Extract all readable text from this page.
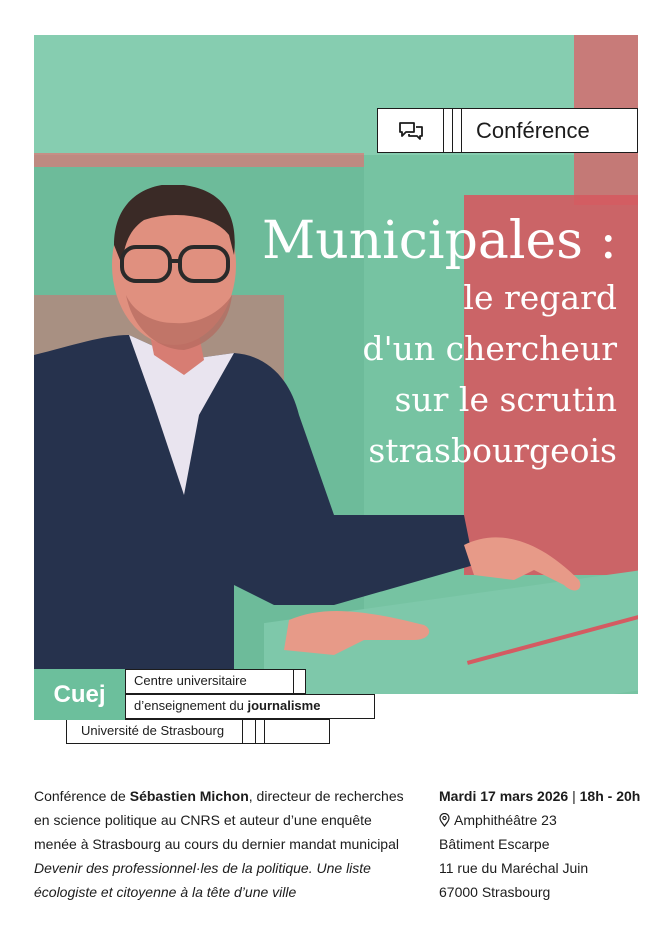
Conférence
Municipales :
le regard
d'un chercheur
sur le scrutin
strasbourgeois
Université de Strasbourg
Cuej	Centre universitaire
d’enseignement du journalisme
Conférence de Sébastien Michon, directeur de recherches en science politique au CNRS et auteur d’une enquête menée à Strasbourg au cours du dernier mandat municipal Devenir des professionnel·les de la politique. Une liste écologiste et citoyenne à la tête d’une ville
Mardi 17 mars 2026 | 18h - 20h
Amphithéâtre 23
Bâtiment Escarpe
11 rue du Maréchal Juin
67000 Strasbourg
